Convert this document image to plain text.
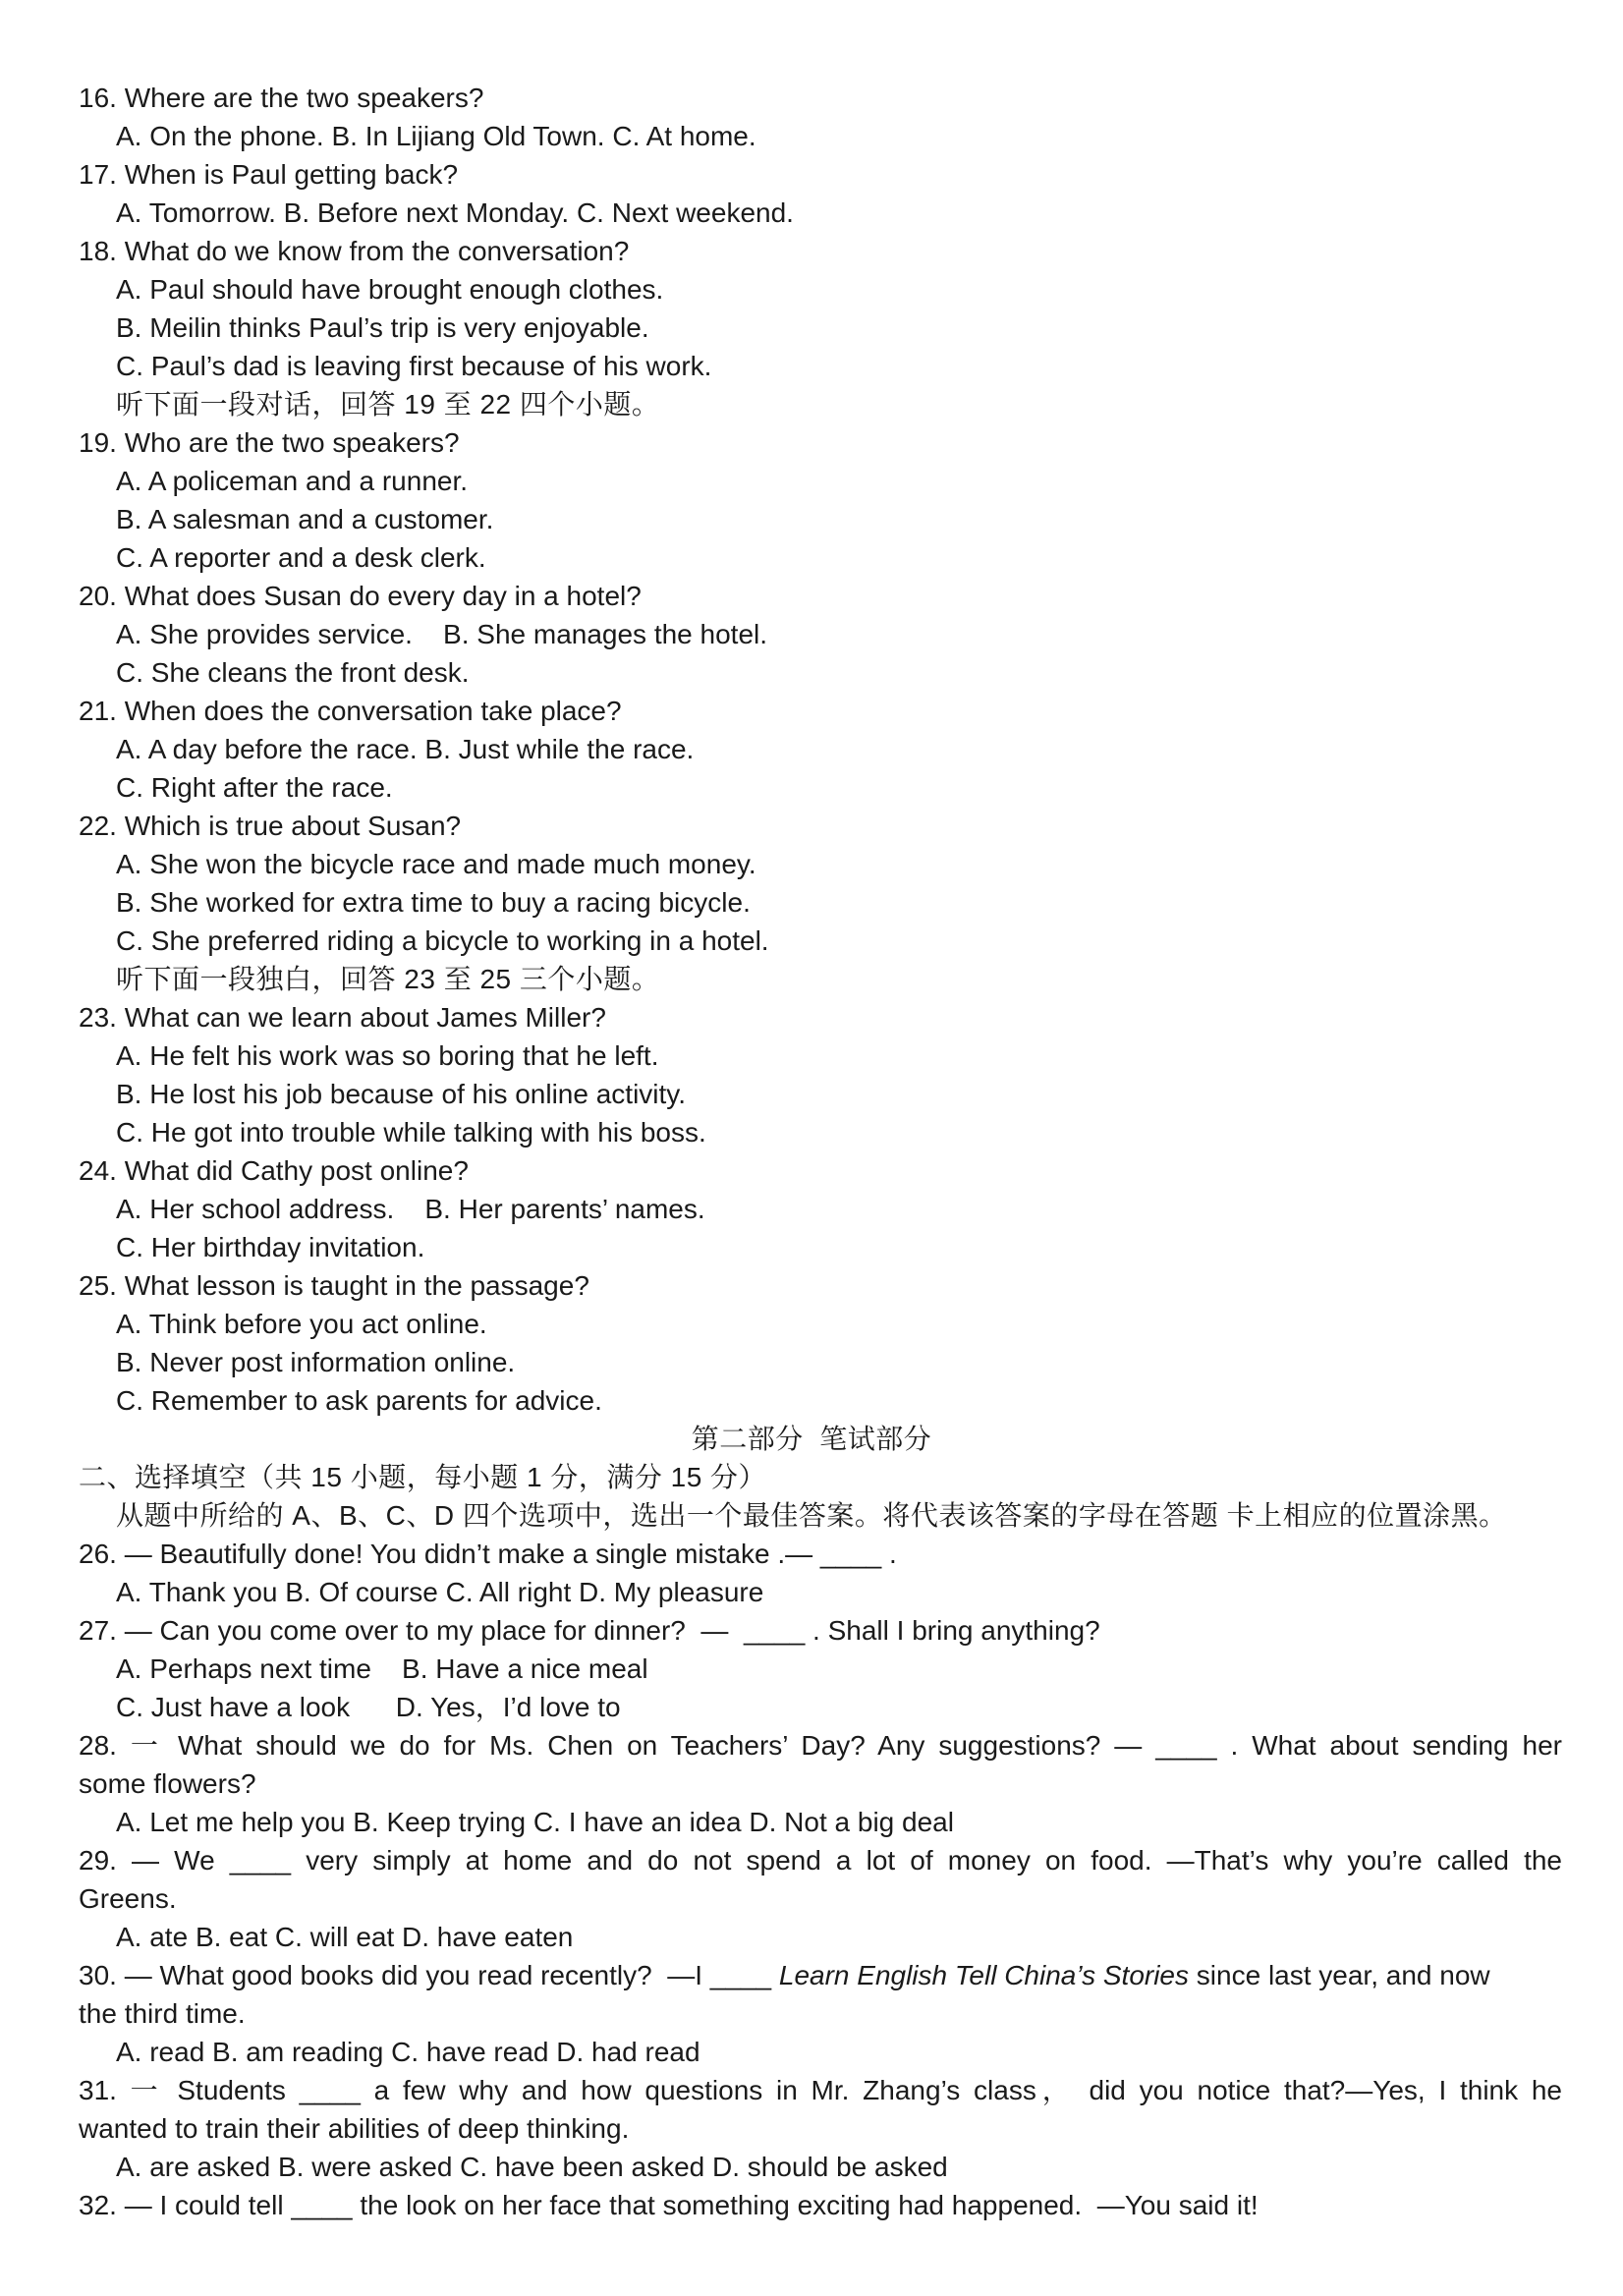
16. Where are the two speakers?
A. On the phone. B. In Lijiang Old Town. C. At home.
17. When is Paul getting back?
A. Tomorrow. B. Before next Monday. C. Next weekend.
18. What do we know from the conversation?
A. Paul should have brought enough clothes.
B. Meilin thinks Paul’s trip is very enjoyable.
C. Paul’s dad is leaving first because of his work.
听下面一段对话，回答 19 至 22 四个小题。
19. Who are the two speakers?
A. A policeman and a runner.
B. A salesman and a customer.
C. A reporter and a desk clerk.
20. What does Susan do every day in a hotel?
A. She provides service.    B. She manages the hotel.
C. She cleans the front desk.
21. When does the conversation take place?
A. A day before the race. B. Just while the race.
C. Right after the race.
22. Which is true about Susan?
A. She won the bicycle race and made much money.
B. She worked for extra time to buy a racing bicycle.
C. She preferred riding a bicycle to working in a hotel.
听下面一段独白，回答 23 至 25 三个小题。
23. What can we learn about James Miller?
A. He felt his work was so boring that he left.
B. He lost his job because of his online activity.
C. He got into trouble while talking with his boss.
24. What did Cathy post online?
A. Her school address.    B. Her parents’ names.
C. Her birthday invitation.
25. What lesson is taught in the passage?
A. Think before you act online.
B. Never post information online.
C. Remember to ask parents for advice.
第二部分  笔试部分
二、选择填空（共 15 小题，每小题 1 分，满分 15 分）
从题中所给的 A、B、C、D 四个选项中，选出一个最佳答案。将代表该答案的字母在答题 卡上相应的位置涂黑。
26. — Beautifully done! You didn’t make a single mistake .— ____ .
A. Thank you B. Of course C. All right D. My pleasure
27. — Can you come over to my place for dinner?  —  ____ . Shall I bring anything?
A. Perhaps next time    B. Have a nice meal
C. Just have a look      D. Yes，I’d love to
28. 一 What should we do for Ms. Chen on Teachers’ Day? Any suggestions? — ____ . What about sending her
some flowers?
A. Let me help you B. Keep trying C. I have an idea D. Not a big deal
29. — We ____ very simply at home and do not spend a lot of money on food. —That’s why you’re called the
Greens.
A. ate B. eat C. will eat D. have eaten
30. — What good books did you read recently?  —I ____ Learn English Tell China’s Stories since last year, and now
the third time.
A. read B. am reading C. have read D. had read
31. 一 Students ____ a few why and how questions in Mr. Zhang’s class， did you notice that?—Yes, I think he
wanted to train their abilities of deep thinking.
A. are asked B. were asked C. have been asked D. should be asked
32. — I could tell ____ the look on her face that something exciting had happened.  —You said it!
